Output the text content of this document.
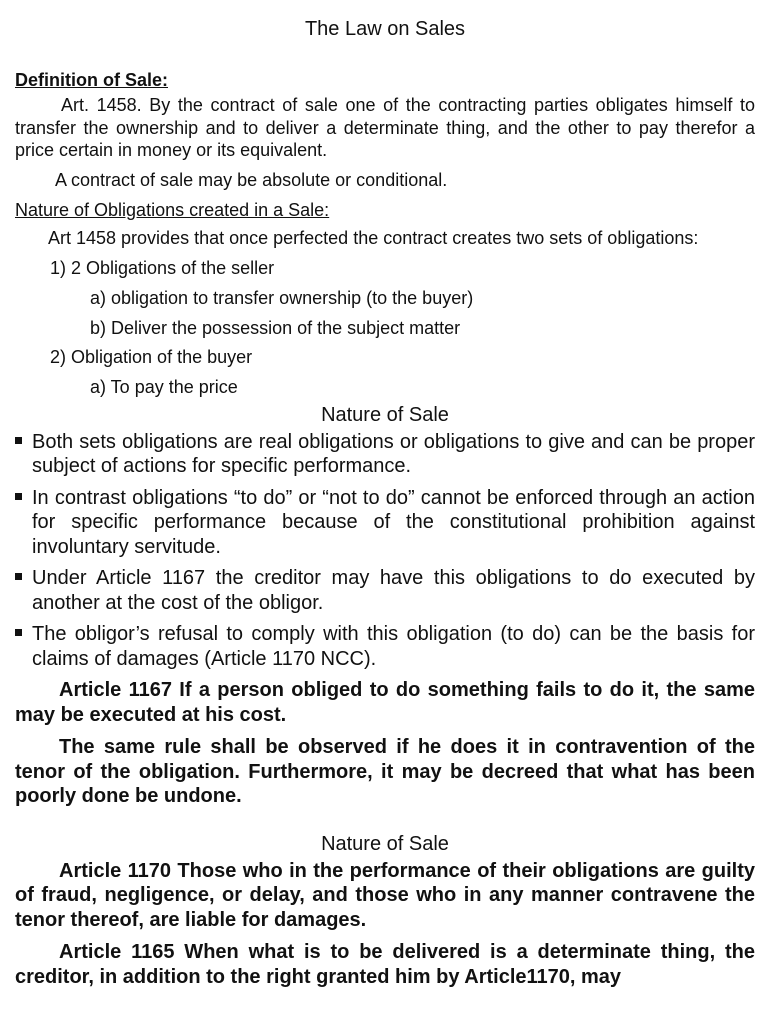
The Law on Sales
Definition of Sale:

Art. 1458. By the contract of sale one of the contracting parties obligates himself to transfer the ownership and to deliver a determinate thing, and the other to pay therefor a price certain in money or its equivalent.

A contract of sale may be absolute or conditional.

Nature of Obligations created in a Sale:

Art 1458 provides that once perfected the contract creates two sets of obligations:

1) 2 Obligations of the seller
a) obligation to transfer ownership (to the buyer)
b) Deliver the possession of the subject matter
2) Obligation of the buyer
a) To pay the price
Nature of Sale
Both sets obligations are real obligations or obligations to give and can be proper subject of actions for specific performance.
In contrast obligations “to do” or “not to do” cannot be enforced through an action for specific performance because of the constitutional prohibition against involuntary servitude.
Under Article 1167 the creditor may have this obligations to do executed by another at the cost of the obligor.
The obligor’s refusal to comply with this obligation (to do) can be the basis for claims of damages (Article 1170 NCC).

Article 1167 If a person obliged to do something fails to do it, the same may be executed at his cost.

The same rule shall be observed if he does it in contravention of the tenor of the obligation. Furthermore, it may be decreed that what has been poorly done be undone.

Nature of Sale

Article 1170 Those who in the performance of their obligations are guilty of fraud, negligence, or delay, and those who in any manner contravene the tenor thereof, are liable for damages.

Article 1165 When what is to be delivered is a determinate thing, the creditor, in addition to the right granted him by Article1170, may
